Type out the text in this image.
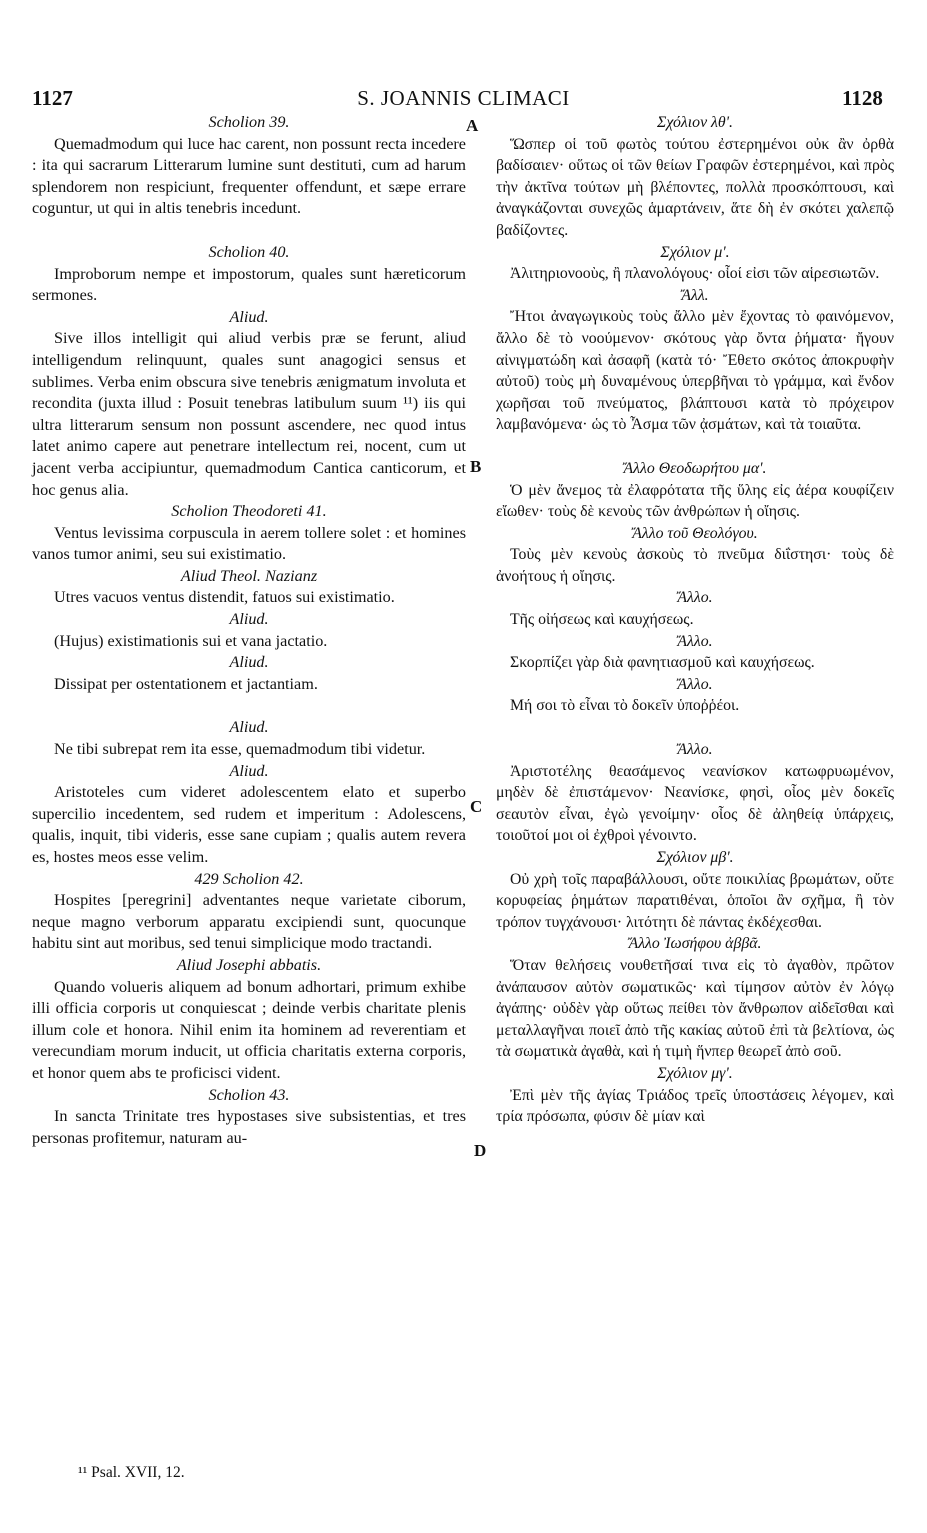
S. JOANNIS CLIMACI
1127	1128
A
B
C
D

Scholion 39.

Quemadmodum qui luce hac carent, non possunt recta incedere : ita qui sacrarum Litterarum lumine sunt destituti, cum ad harum splendorem non respiciunt, frequenter offendunt, et sæpe errare coguntur, ut qui in altis tenebris incedunt.

Scholion 40.

Improborum nempe et impostorum, quales sunt hæreticorum sermones.

Aliud.

Sive illos intelligit qui aliud verbis præ se ferunt, aliud intelligendum relinquunt, quales sunt anagogici sensus et sublimes. Verba enim obscura sive tenebris ænigmatum involuta et recondita (juxta illud : Posuit tenebras latibulum suum ¹¹) iis qui ultra litterarum sensum non possunt ascendere, nec quod intus latet animo capere aut penetrare intellectum rei, nocent, cum ut jacent verba accipiuntur, quemadmodum Cantica canticorum, et hoc genus alia.

Scholion Theodoreti 41.

Ventus levissima corpuscula in aerem tollere solet : et homines vanos tumor animi, seu sui existimatio.

Aliud Theol. Nazianz

Utres vacuos ventus distendit, fatuos sui existimatio.

Aliud.

(Hujus) existimationis sui et vana jactatio.

Aliud.

Dissipat per ostentationem et jactantiam.

Aliud.

Ne tibi subrepat rem ita esse, quemadmodum tibi videtur.

Aliud.

Aristoteles cum videret adolescentem elato et superbo supercilio incedentem, sed rudem et imperitum : Adolescens, qualis, inquit, tibi videris, esse sane cupiam ; qualis autem revera es, hostes meos esse velim.

429 Scholion 42.

Hospites [peregrini] adventantes neque varietate ciborum, neque magno verborum apparatu excipiendi sunt, quocunque habitu sint aut moribus, sed tenui simplicique modo tractandi.

Aliud Josephi abbatis.

Quando volueris aliquem ad bonum adhortari, primum exhibe illi officia corporis ut conquiescat ; deinde verbis charitate plenis illum cole et honora. Nihil enim ita hominem ad reverentiam et verecundiam morum inducit, ut officia charitatis externa corporis, et honor quem abs te proficisci vident.

Scholion 43.

In sancta Trinitate tres hypostases sive subsistentias, et tres personas profitemur, naturam au-

Σχόλιον λθ'.

Ὥσπερ οἱ τοῦ φωτὸς τούτου ἐστερημένοι οὐκ ἂν ὀρθὰ βαδίσαιεν· οὕτως οἱ τῶν θείων Γραφῶν ἐστερημένοι, καὶ πρὸς τὴν ἀκτῖνα τούτων μὴ βλέποντες, πολλὰ προσκόπτουσι, καὶ ἀναγκάζονται συνεχῶς ἁμαρτάνειν, ἅτε δὴ ἐν σκότει χαλεπῷ βαδίζοντες.

Σχόλιον μ'.

Ἀλιτηριονοοὺς, ἢ πλανολόγους· οἷοί εἰσι τῶν αἱρεσιωτῶν.

Ἄλλ.

Ἤτοι ἀναγωγικοὺς τοὺς ἄλλο μὲν ἔχοντας τὸ φαινόμενον, ἄλλο δὲ τὸ νοούμενον· σκότους γὰρ ὄντα ῥήματα· ἤγουν αἰνιγματώδη καὶ ἀσαφῆ (κατὰ τό· Ἔθετο σκότος ἀποκρυφὴν αὐτοῦ) τοὺς μὴ δυναμένους ὑπερβῆναι τὸ γράμμα, καὶ ἔνδον χωρῆσαι τοῦ πνεύματος, βλάπτουσι κατὰ τὸ πρόχειρον λαμβανόμενα· ὡς τὸ Ἆσμα τῶν ᾀσμάτων, καὶ τὰ τοιαῦτα.

Ἄλλο Θεοδωρήτου μα'.

Ὁ μὲν ἄνεμος τὰ ἐλαφρότατα τῆς ὕλης εἰς ἀέρα κουφίζειν εἴωθεν· τοὺς δὲ κενοὺς τῶν ἀνθρώπων ἡ οἴησις.

Ἄλλο τοῦ Θεολόγου.

Τοὺς μὲν κενοὺς ἀσκοὺς τὸ πνεῦμα διΐστησι· τοὺς δὲ ἀνοήτους ἡ οἴησις.

Ἄλλο.

Τῆς οἰήσεως καὶ καυχήσεως.

Ἄλλο.

Σκορπίζει γὰρ διὰ φανητιασμοῦ καὶ καυχήσεως.

Ἄλλο.

Μή σοι τὸ εἶναι τὸ δοκεῖν ὑποῤῥέοι.

Ἄλλο.

Ἀριστοτέλης θεασάμενος νεανίσκον κατωφρυωμένον, μηδὲν δὲ ἐπιστάμενον· Νεανίσκε, φησὶ, οἷος μὲν δοκεῖς σεαυτὸν εἶναι, ἐγὼ γενοίμην· οἷος δὲ ἀληθείᾳ ὑπάρχεις, τοιοῦτοί μοι οἱ ἐχθροὶ γένοιντο.

Σχόλιον μβ'.

Οὐ χρὴ τοῖς παραβάλλουσι, οὔτε ποικιλίας βρωμάτων, οὔτε κορυφείας ῥημάτων παρατιθέναι, ὁποῖοι ἂν σχῆμα, ἢ τὸν τρόπον τυγχάνουσι· λιτότητι δὲ πάντας ἐκδέχεσθαι.

Ἄλλο Ἰωσήφου ἀββᾶ.

Ὅταν θελήσεις νουθετῆσαί τινα εἰς τὸ ἀγαθὸν, πρῶτον ἀνάπαυσον αὐτὸν σωματικῶς· καὶ τίμησον αὐτὸν ἐν λόγῳ ἀγάπης· οὐδὲν γὰρ οὕτως πείθει τὸν ἄνθρωπον αἰδεῖσθαι καὶ μεταλλαγῆναι ποιεῖ ἀπὸ τῆς κακίας αὐτοῦ ἐπὶ τὰ βελτίονα, ὡς τὰ σωματικὰ ἀγαθὰ, καὶ ἡ τιμὴ ἥνπερ θεωρεῖ ἀπὸ σοῦ.

Σχόλιον μγ'.

Ἐπὶ μὲν τῆς ἁγίας Τριάδος τρεῖς ὑποστάσεις λέγομεν, καὶ τρία πρόσωπα, φύσιν δὲ μίαν καὶ

¹¹ Psal. XVII, 12.
